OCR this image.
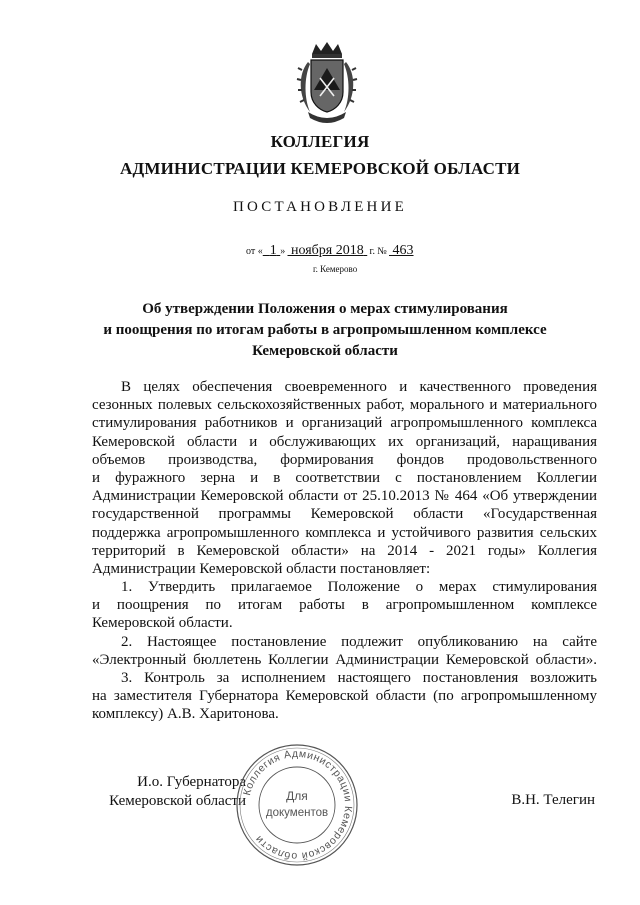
КОЛЛЕГИЯ
АДМИНИСТРАЦИИ КЕМЕРОВСКОЙ ОБЛАСТИ
ПОСТАНОВЛЕНИЕ
от « 1 » ноября 2018 г. № 463
г. Кемерово
Об утверждении Положения о мерах стимулирования
и поощрения по итогам работы в агропромышленном комплексе
Кемеровской области
В целях обеспечения своевременного и качественного проведения
сезонных полевых сельскохозяйственных работ, морального и материального
стимулирования работников и организаций агропромышленного комплекса
Кемеровской области и обслуживающих их организаций, наращивания
объемов производства, формирования фондов продовольственного
и фуражного зерна и в соответствии с постановлением Коллегии
Администрации Кемеровской области от 25.10.2013 № 464 «Об утверждении
государственной программы Кемеровской области «Государственная
поддержка агропромышленного комплекса и устойчивого развития сельских
территорий в Кемеровской области» на 2014 - 2021 годы» Коллегия
Администрации Кемеровской области постановляет:
1. Утвердить прилагаемое Положение о мерах стимулирования
и поощрения по итогам работы в агропромышленном комплексе
Кемеровской области.
2. Настоящее постановление подлежит опубликованию на сайте
«Электронный бюллетень Коллегии Администрации Кемеровской области».
3. Контроль за исполнением настоящего постановления возложить
на заместителя Губернатора Кемеровской области (по агропромышленному
комплексу) А.В. Харитонова.
И.о. Губернатора
Кемеровской области	В.Н. Телегин
Коллегия Администрации Кемеровской области
Для
документов
